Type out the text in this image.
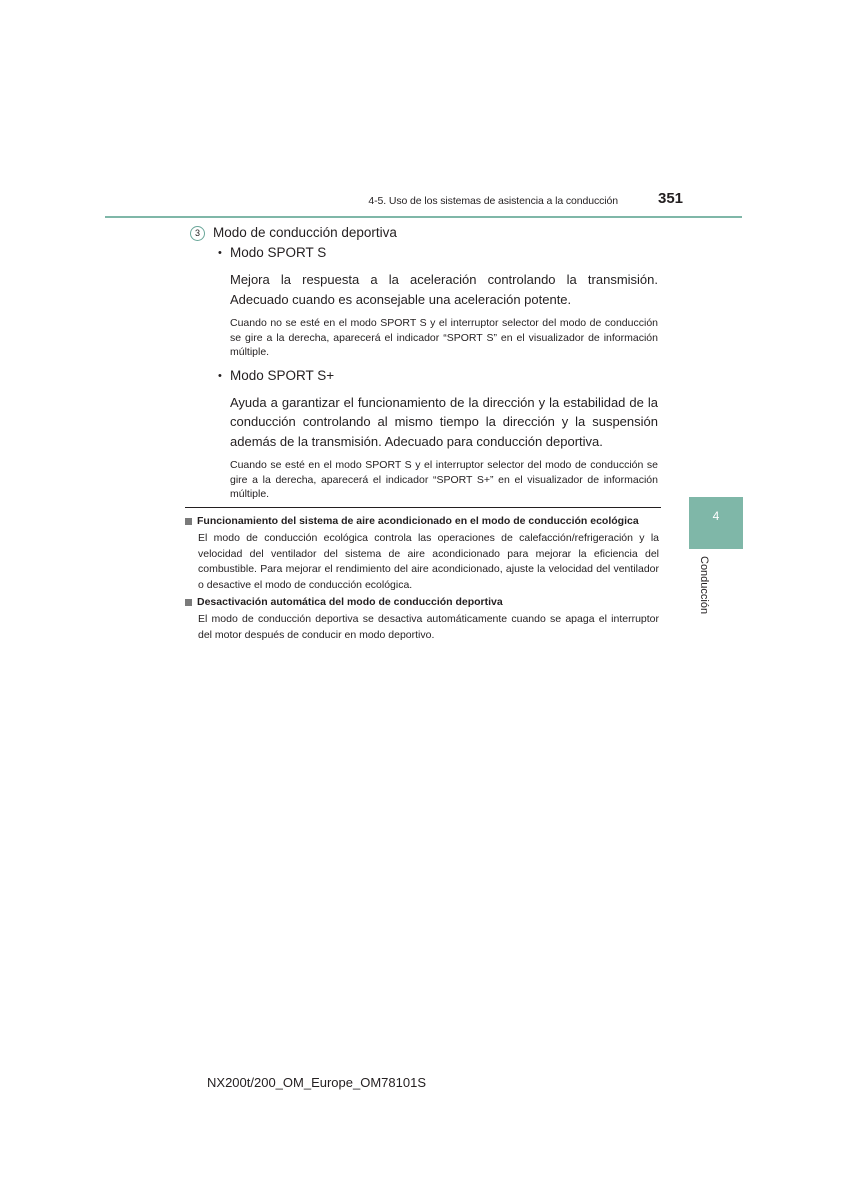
4-5. Uso de los sistemas de asistencia a la conducción	351
3 Modo de conducción deportiva
• Modo SPORT S

Mejora la respuesta a la aceleración controlando la transmisión. Adecuado cuando es aconsejable una aceleración potente.

Cuando no se esté en el modo SPORT S y el interruptor selector del modo de conducción se gire a la derecha, aparecerá el indicador “SPORT S” en el visualizador de información múltiple.

• Modo SPORT S+

Ayuda a garantizar el funcionamiento de la dirección y la estabilidad de la conducción controlando al mismo tiempo la dirección y la suspensión además de la transmisión. Adecuado para conducción deportiva.

Cuando se esté en el modo SPORT S y el interruptor selector del modo de conducción se gire a la derecha, aparecerá el indicador “SPORT S+” en el visualizador de información múltiple.

Funcionamiento del sistema de aire acondicionado en el modo de conducción ecológica

El modo de conducción ecológica controla las operaciones de calefacción/refrigeración y la velocidad del ventilador del sistema de aire acondicionado para mejorar la eficiencia del combustible. Para mejorar el rendimiento del aire acondicionado, ajuste la velocidad del ventilador o desactive el modo de conducción ecológica.

Desactivación automática del modo de conducción deportiva

El modo de conducción deportiva se desactiva automáticamente cuando se apaga el interruptor del motor después de conducir en modo deportivo.

4
Conducción
NX200t/200_OM_Europe_OM78101S
